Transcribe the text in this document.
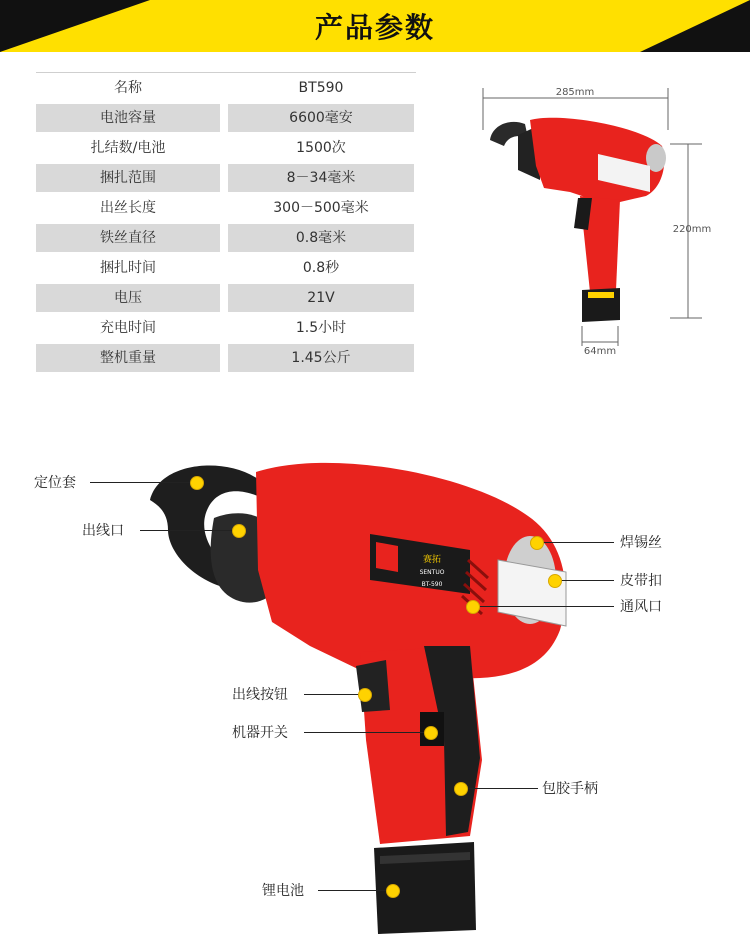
产品参数
名称	BT590
电池容量	6600毫安
扎结数/电池	1500次
捆扎范围	8－34毫米
出丝长度	300－500毫米
铁丝直径	0.8毫米
捆扎时间	0.8秒
电压	21V
充电时间	1.5小时
整机重量	1.45公斤
285mm
220mm
64mm
赛拓
SENTUO
BT-590
定位套
出线口
焊锡丝
皮带扣
通风口
出线按钮
机器开关
包胶手柄
锂电池
